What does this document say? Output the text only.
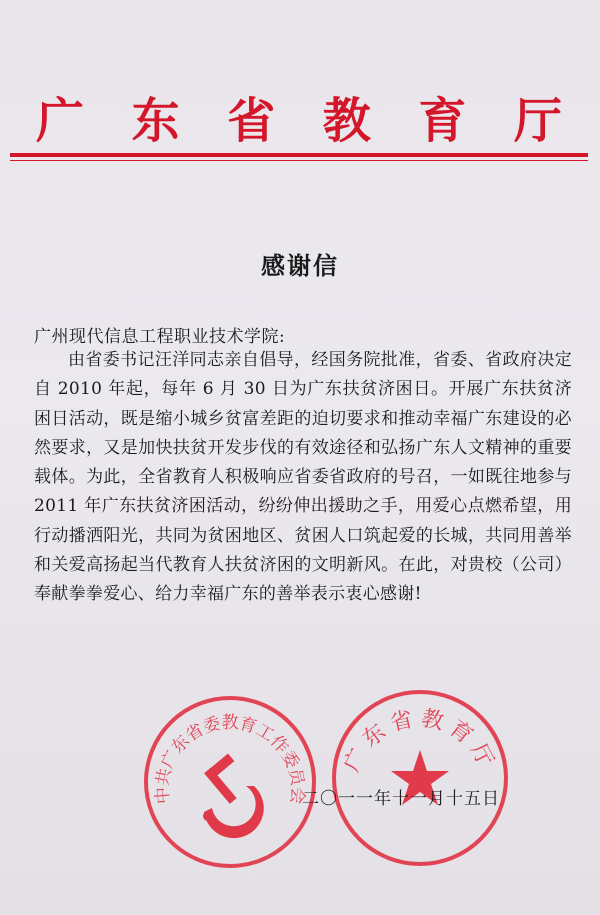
广 东 省 教 育 厅
感谢信
广州现代信息工程职业技术学院:
由省委书记汪洋同志亲自倡导，经国务院批准，省委、省政府决定自 2010 年起，每年 6 月 30 日为广东扶贫济困日。开展广东扶贫济困日活动，既是缩小城乡贫富差距的迫切要求和推动幸福广东建设的必然要求，又是加快扶贫开发步伐的有效途径和弘扬广东人文精神的重要载体。为此，全省教育人积极响应省委省政府的号召，一如既往地参与 2011 年广东扶贫济困活动，纷纷伸出援助之手，用爱心点燃希望，用行动播洒阳光，共同为贫困地区、贫困人口筑起爱的长城，共同用善举和关爱高扬起当代教育人扶贫济困的文明新风。在此，对贵校（公司）奉献拳拳爱心、给力幸福广东的善举表示衷心感谢!
中共广东省委教育工作委员会
广东省教育厅
二〇一一年十一月十五日
